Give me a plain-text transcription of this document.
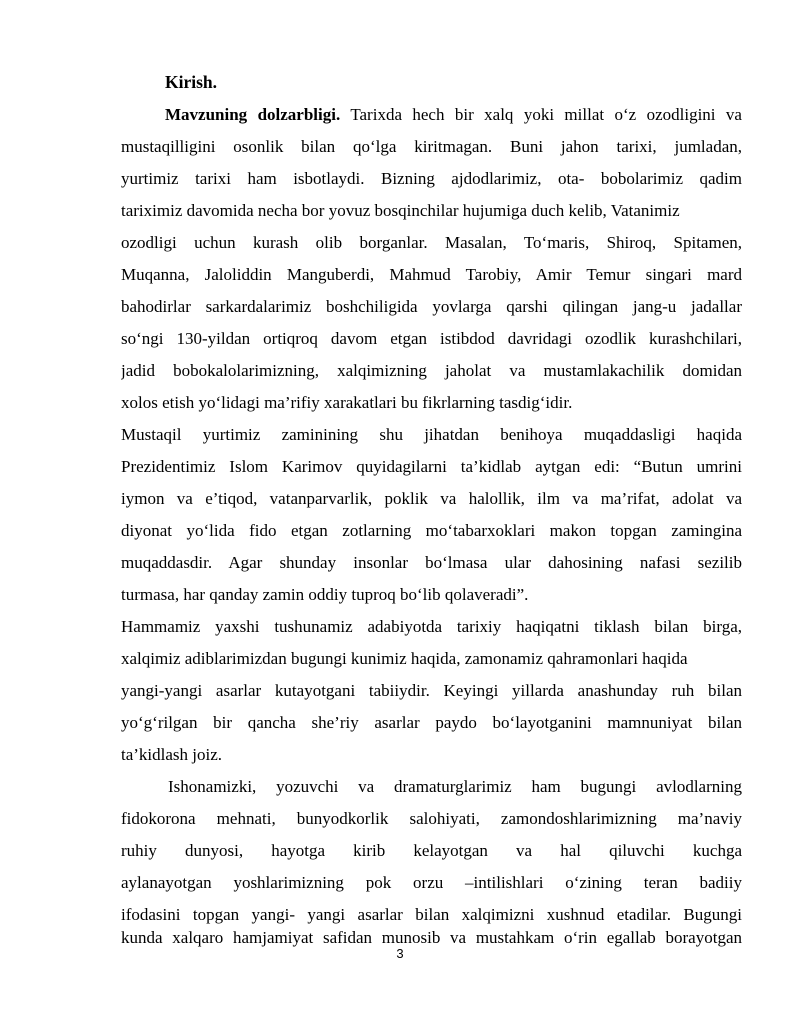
Kirish.
Mavzuning dolzarbligi. Tarixda hech bir xalq yoki millat o‘z ozodligini va
mustaqilligini osonlik bilan qo‘lga kiritmagan. Buni jahon tarixi, jumladan,
yurtimiz tarixi ham isbotlaydi. Bizning ajdodlarimiz, ota- bobolarimiz qadim
tariximiz davomida necha bor yovuz bosqinchilar hujumiga duch kelib, Vatanimiz
ozodligi uchun kurash olib borganlar. Masalan, To‘maris, Shiroq, Spitamen,
Muqanna, Jaloliddin Manguberdi, Mahmud Tarobiy, Amir Temur singari mard
bahodirlar sarkardalarimiz boshchiligida yovlarga qarshi qilingan jang-u jadallar
so‘ngi 130-yildan ortiqroq davom etgan istibdod davridagi ozodlik kurashchilari,
jadid bobokalolarimizning, xalqimizning jaholat va mustamlakachilik domidan
xolos etish yo‘lidagi ma’rifiy xarakatlari bu fikrlarning tasdig‘idir.
Mustaqil yurtimiz zaminining shu jihatdan benihoya muqaddasligi haqida
Prezidentimiz Islom Karimov quyidagilarni ta’kidlab aytgan edi: “Butun umrini
iymon va e’tiqod, vatanparvarlik, poklik va halollik, ilm va ma’rifat, adolat va
diyonat yo‘lida fido etgan zotlarning mo‘tabarxoklari makon topgan zamingina
muqaddasdir. Agar shunday insonlar bo‘lmasa ular dahosining nafasi sezilib
turmasa, har qanday zamin oddiy tuproq bo‘lib qolaveradi”.
Hammamiz yaxshi tushunamiz adabiyotda tarixiy haqiqatni tiklash bilan birga,
xalqimiz adiblarimizdan bugungi kunimiz haqida, zamonamiz qahramonlari haqida
yangi-yangi asarlar kutayotgani tabiiydir. Keyingi yillarda anashunday ruh bilan
yo‘g‘rilgan bir qancha she’riy asarlar paydo bo‘layotganini mamnuniyat bilan
ta’kidlash joiz.
Ishonamizki, yozuvchi va dramaturglarimiz ham bugungi avlodlarning
fidokorona mehnati, bunyodkorlik salohiyati, zamondoshlarimizning ma’naviy
ruhiy dunyosi, hayotga kirib kelayotgan va hal qiluvchi kuchga
aylanayotgan yoshlarimizning pok orzu –intilishlari o‘zining teran badiiy
ifodasini topgan yangi- yangi asarlar bilan xalqimizni xushnud etadilar. Bugungi
kunda xalqaro hamjamiyat safidan munosib va mustahkam o‘rin egallab borayotgan
3
